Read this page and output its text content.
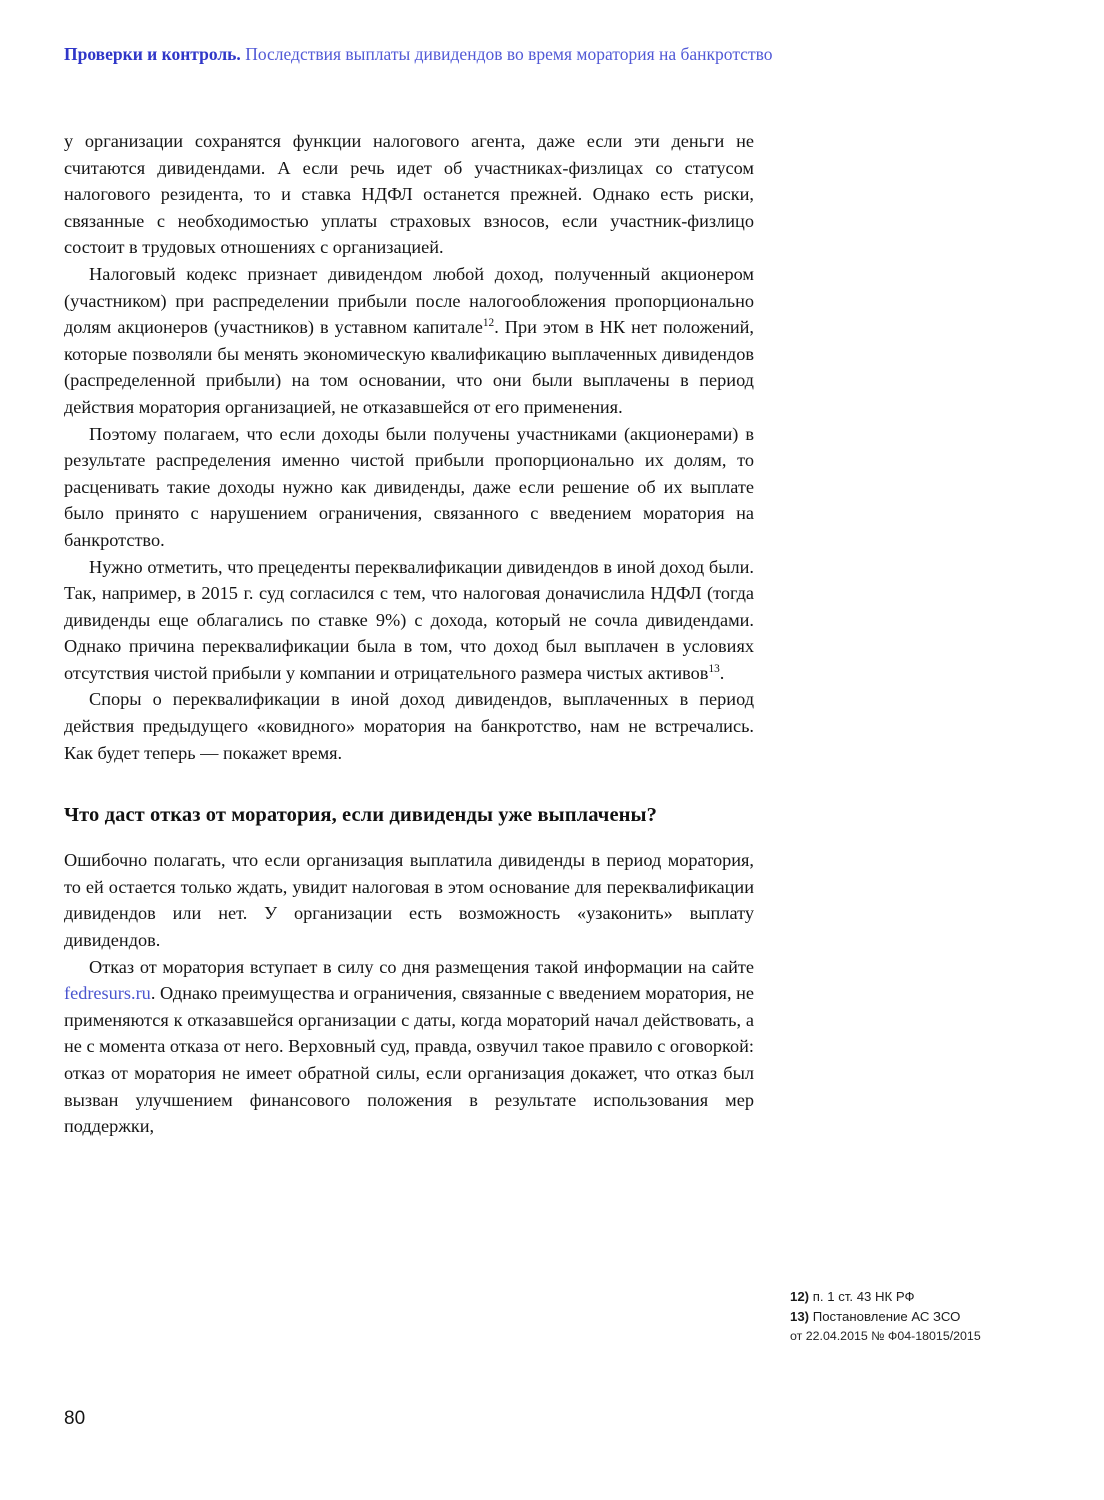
Проверки и контроль. Последствия выплаты дивидендов во время моратория на банкротство

у организации сохранятся функции налогового агента, даже если эти деньги не считаются дивидендами. А если речь идет об участниках-физлицах со статусом налогового резидента, то и ставка НДФЛ останется прежней. Однако есть риски, связанные с необходимостью уплаты страховых взносов, если участник-физлицо состоит в трудовых отношениях с организацией.

Налоговый кодекс признает дивидендом любой доход, полученный акционером (участником) при распределении прибыли после налогообложения пропорционально долям акционеров (участников) в уставном капитале$^{12}$. При этом в НК нет положений, которые позволяли бы менять экономическую квалификацию выплаченных дивидендов (распределенной прибыли) на том основании, что они были выплачены в период действия моратория организацией, не отказавшейся от его применения.

Поэтому полагаем, что если доходы были получены участниками (акционерами) в результате распределения именно чистой прибыли пропорционально их долям, то расценивать такие доходы нужно как дивиденды, даже если решение об их выплате было принято с нарушением ограничения, связанного с введением моратория на банкротство.

Нужно отметить, что прецеденты переквалификации дивидендов в иной доход были. Так, например, в 2015 г. суд согласился с тем, что налоговая доначислила НДФЛ (тогда дивиденды еще облагались по ставке 9%) с дохода, который не сочла дивидендами. Однако причина переквалификации была в том, что доход был выплачен в условиях отсутствия чистой прибыли у компании и отрицательного размера чистых активов$^{13}$.

Споры о переквалификации в иной доход дивидендов, выплаченных в период действия предыдущего «ковидного» моратория на банкротство, нам не встречались. Как будет теперь — покажет время.

Что даст отказ от моратория, если дивиденды уже выплачены?

Ошибочно полагать, что если организация выплатила дивиденды в период моратория, то ей остается только ждать, увидит налоговая в этом основание для переквалификации дивидендов или нет. У организации есть возможность «узаконить» выплату дивидендов.

Отказ от моратория вступает в силу со дня размещения такой информации на сайте fedresurs.ru. Однако преимущества и ограничения, связанные с введением моратория, не применяются к отказавшейся организации с даты, когда мораторий начал действовать, а не с момента отказа от него. Верховный суд, правда, озвучил такое правило с оговоркой: отказ от моратория не имеет обратной силы, если организация докажет, что отказ был вызван улучшением финансового положения в результате использования мер поддержки,

12) п. 1 ст. 43 НК РФ

13) Постановление АС ЗСО

от 22.04.2015 № Ф04-18015/2015

80
